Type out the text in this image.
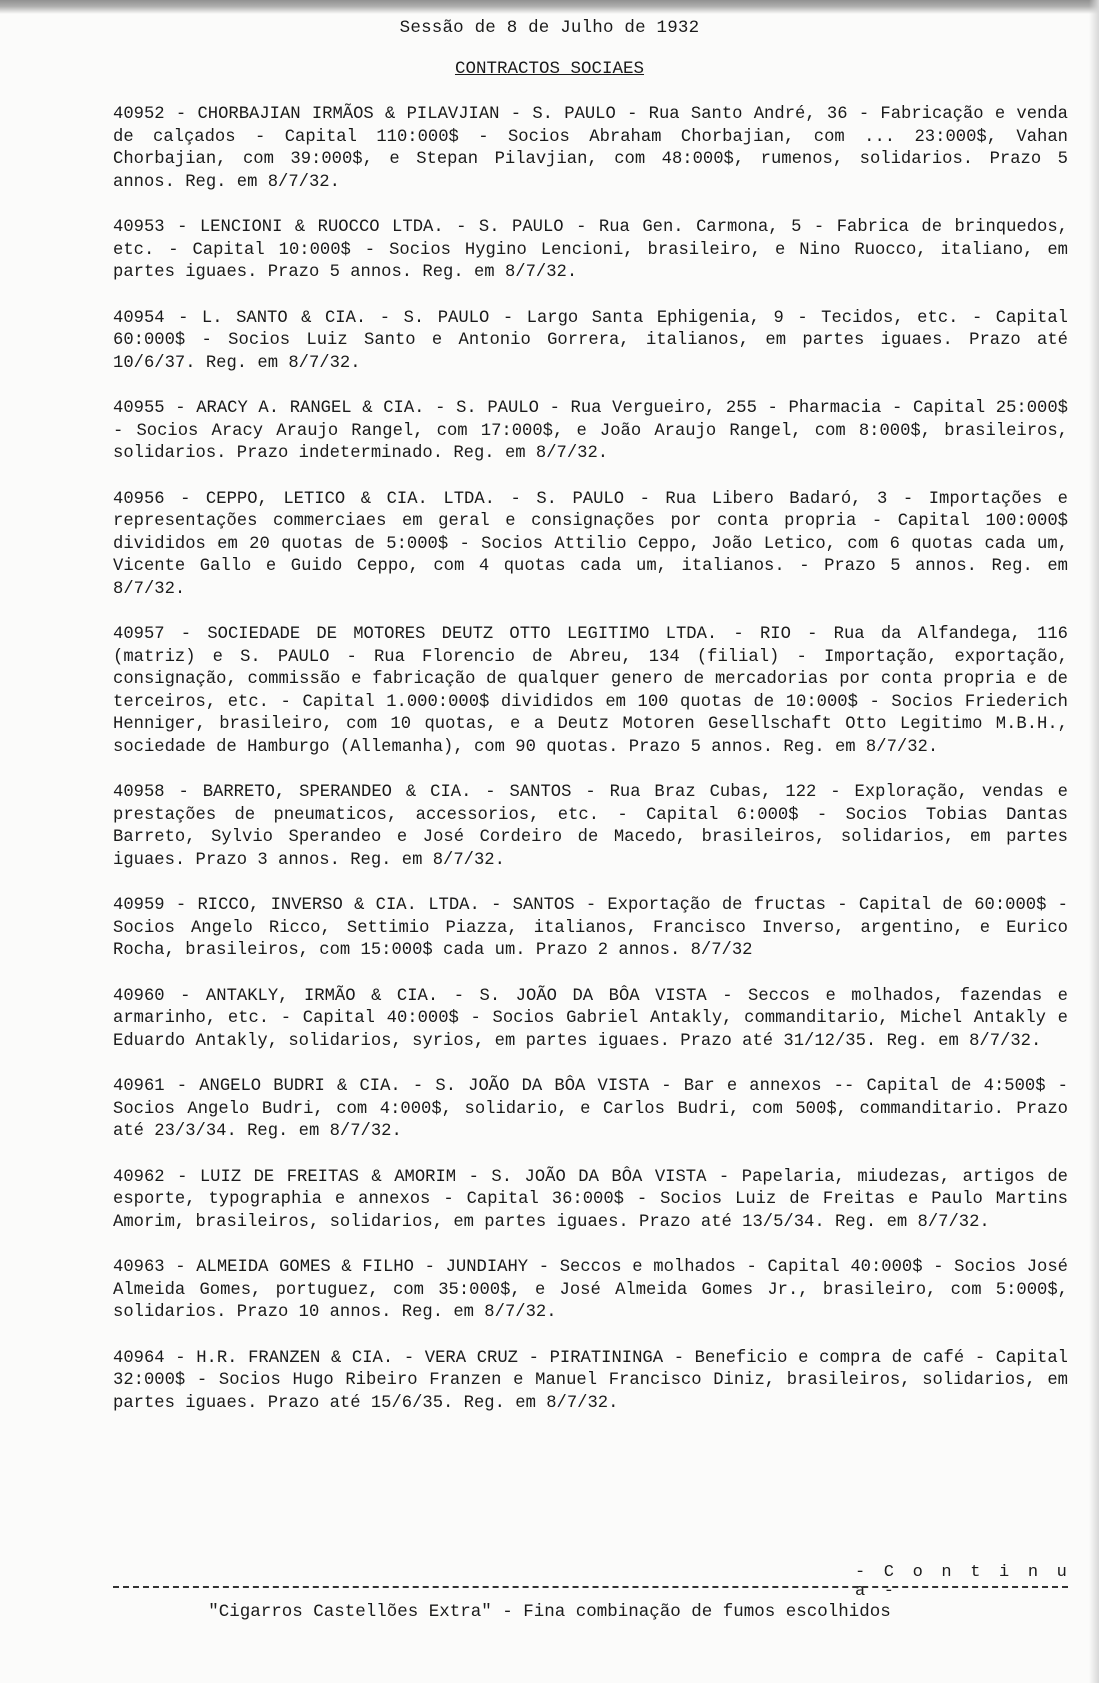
Sessão de 8 de Julho de 1932
CONTRACTOS SOCIAES

40952 - CHORBAJIAN IRMÃOS & PILAVJIAN - S. PAULO - Rua Santo André, 36 - Fabricação e venda de calçados - Capital 110:000$ - Socios Abraham Chorbajian, com ... 23:000$, Vahan Chorbajian, com 39:000$, e Stepan Pilavjian, com 48:000$, rumenos, solidarios. Prazo 5 annos. Reg. em 8/7/32.

40953 - LENCIONI & RUOCCO LTDA. - S. PAULO - Rua Gen. Carmona, 5 - Fabrica de brinquedos, etc. - Capital 10:000$ - Socios Hygino Lencioni, brasileiro, e Nino Ruocco, italiano, em partes iguaes. Prazo 5 annos. Reg. em 8/7/32.

40954 - L. SANTO & CIA. - S. PAULO - Largo Santa Ephigenia, 9 - Tecidos, etc. - Capital 60:000$ - Socios Luiz Santo e Antonio Gorrera, italianos, em partes iguaes. Prazo até 10/6/37. Reg. em 8/7/32.

40955 - ARACY A. RANGEL & CIA. - S. PAULO - Rua Vergueiro, 255 - Pharmacia - Capital 25:000$ - Socios Aracy Araujo Rangel, com 17:000$, e João Araujo Rangel, com 8:000$, brasileiros, solidarios. Prazo indeterminado. Reg. em 8/7/32.

40956 - CEPPO, LETICO & CIA. LTDA. - S. PAULO - Rua Libero Badaró, 3 - Importações e representações commerciaes em geral e consignações por conta propria - Capital 100:000$ divididos em 20 quotas de 5:000$ - Socios Attilio Ceppo, João Letico, com 6 quotas cada um, Vicente Gallo e Guido Ceppo, com 4 quotas cada um, italianos. - Prazo 5 annos. Reg. em 8/7/32.

40957 - SOCIEDADE DE MOTORES DEUTZ OTTO LEGITIMO LTDA. - RIO - Rua da Alfandega, 116 (matriz) e S. PAULO - Rua Florencio de Abreu, 134 (filial) - Importação, exportação, consignação, commissão e fabricação de qualquer genero de mercadorias por conta propria e de terceiros, etc. - Capital 1.000:000$ divididos em 100 quotas de 10:000$ - Socios Friederich Henniger, brasileiro, com 10 quotas, e a Deutz Motoren Gesellschaft Otto Legitimo M.B.H., sociedade de Hamburgo (Allemanha), com 90 quotas. Prazo 5 annos. Reg. em 8/7/32.

40958 - BARRETO, SPERANDEO & CIA. - SANTOS - Rua Braz Cubas, 122 - Exploração, vendas e prestações de pneumaticos, accessorios, etc. - Capital 6:000$ - Socios Tobias Dantas Barreto, Sylvio Sperandeo e José Cordeiro de Macedo, brasileiros, solidarios, em partes iguaes. Prazo 3 annos. Reg. em 8/7/32.

40959 - RICCO, INVERSO & CIA. LTDA. - SANTOS - Exportação de fructas - Capital de 60:000$ - Socios Angelo Ricco, Settimio Piazza, italianos, Francisco Inverso, argentino, e Eurico Rocha, brasileiros, com 15:000$ cada um. Prazo 2 annos. 8/7/32

40960 - ANTAKLY, IRMÃO & CIA. - S. JOÃO DA BÔA VISTA - Seccos e molhados, fazendas e armarinho, etc. - Capital 40:000$ - Socios Gabriel Antakly, commanditario, Michel Antakly e Eduardo Antakly, solidarios, syrios, em partes iguaes. Prazo até 31/12/35. Reg. em 8/7/32.

40961 - ANGELO BUDRI & CIA. - S. JOÃO DA BÔA VISTA - Bar e annexos -- Capital de 4:500$ - Socios Angelo Budri, com 4:000$, solidario, e Carlos Budri, com 500$, commanditario. Prazo até 23/3/34. Reg. em 8/7/32.

40962 - LUIZ DE FREITAS & AMORIM - S. JOÃO DA BÔA VISTA - Papelaria, miudezas, artigos de esporte, typographia e annexos - Capital 36:000$ - Socios Luiz de Freitas e Paulo Martins Amorim, brasileiros, solidarios, em partes iguaes. Prazo até 13/5/34. Reg. em 8/7/32.

40963 - ALMEIDA GOMES & FILHO - JUNDIAHY - Seccos e molhados - Capital 40:000$ - Socios José Almeida Gomes, portuguez, com 35:000$, e José Almeida Gomes Jr., brasileiro, com 5:000$, solidarios. Prazo 10 annos. Reg. em 8/7/32.

40964 - H.R. FRANZEN & CIA. - VERA CRUZ - PIRATININGA - Beneficio e compra de café - Capital 32:000$ - Socios Hugo Ribeiro Franzen e Manuel Francisco Diniz, brasileiros, solidarios, em partes iguaes. Prazo até 15/6/35. Reg. em 8/7/32.

- C o n t i n u a -
"Cigarros Castellões Extra" - Fina combinação de fumos escolhidos
